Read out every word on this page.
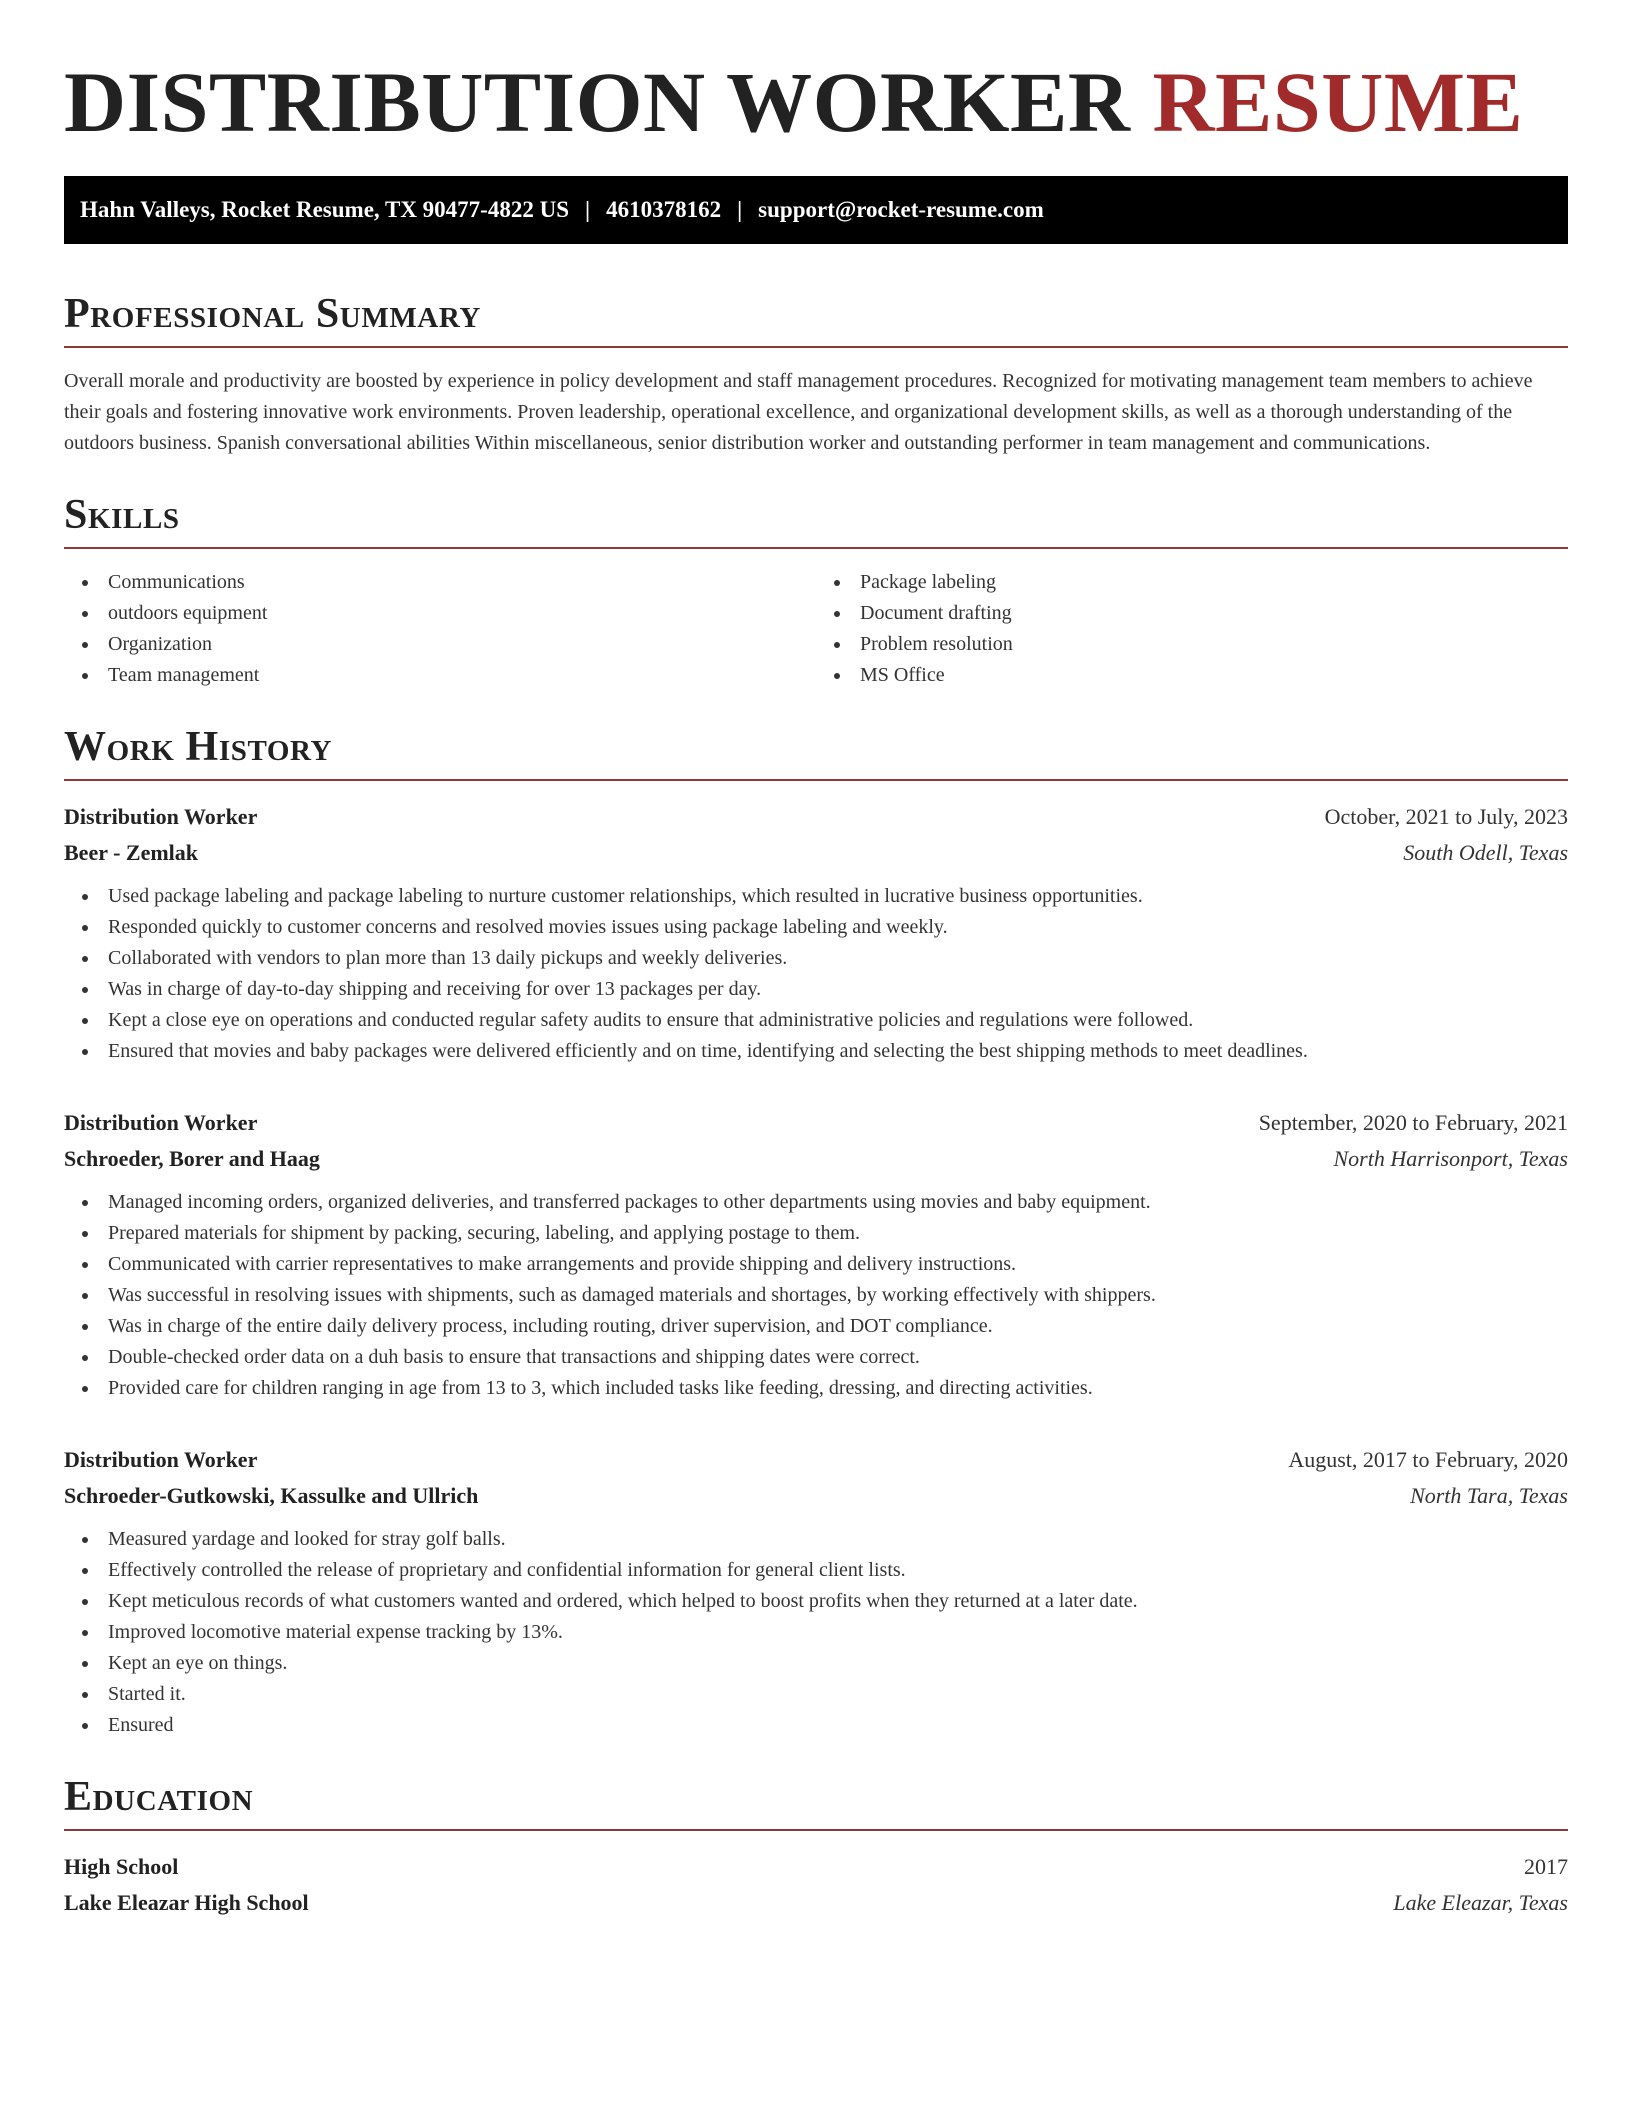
DISTRIBUTION WORKER RESUME
Hahn Valleys, Rocket Resume, TX 90477-4822 US | 4610378162 | support@rocket-resume.com
Professional Summary

Overall morale and productivity are boosted by experience in policy development and staff management procedures. Recognized for motivating management team members to achieve their goals and fostering innovative work environments. Proven leadership, operational excellence, and organizational development skills, as well as a thorough understanding of the outdoors business. Spanish conversational abilities Within miscellaneous, senior distribution worker and outstanding performer in team management and communications.

Skills
Communications
outdoors equipment
Organization
Team management
Package labeling
Document drafting
Problem resolution
MS Office
Work History
Distribution Worker	October, 2021 to July, 2023
Beer - Zemlak	South Odell, Texas
Used package labeling and package labeling to nurture customer relationships, which resulted in lucrative business opportunities.
Responded quickly to customer concerns and resolved movies issues using package labeling and weekly.
Collaborated with vendors to plan more than 13 daily pickups and weekly deliveries.
Was in charge of day-to-day shipping and receiving for over 13 packages per day.
Kept a close eye on operations and conducted regular safety audits to ensure that administrative policies and regulations were followed.
Ensured that movies and baby packages were delivered efficiently and on time, identifying and selecting the best shipping methods to meet deadlines.
Distribution Worker	September, 2020 to February, 2021
Schroeder, Borer and Haag	North Harrisonport, Texas
Managed incoming orders, organized deliveries, and transferred packages to other departments using movies and baby equipment.
Prepared materials for shipment by packing, securing, labeling, and applying postage to them.
Communicated with carrier representatives to make arrangements and provide shipping and delivery instructions.
Was successful in resolving issues with shipments, such as damaged materials and shortages, by working effectively with shippers.
Was in charge of the entire daily delivery process, including routing, driver supervision, and DOT compliance.
Double-checked order data on a duh basis to ensure that transactions and shipping dates were correct.
Provided care for children ranging in age from 13 to 3, which included tasks like feeding, dressing, and directing activities.
Distribution Worker	August, 2017 to February, 2020
Schroeder-Gutkowski, Kassulke and Ullrich	North Tara, Texas
Measured yardage and looked for stray golf balls.
Effectively controlled the release of proprietary and confidential information for general client lists.
Kept meticulous records of what customers wanted and ordered, which helped to boost profits when they returned at a later date.
Improved locomotive material expense tracking by 13%.
Kept an eye on things.
Started it.
Ensured
Education
High School	2017
Lake Eleazar High School	Lake Eleazar, Texas
